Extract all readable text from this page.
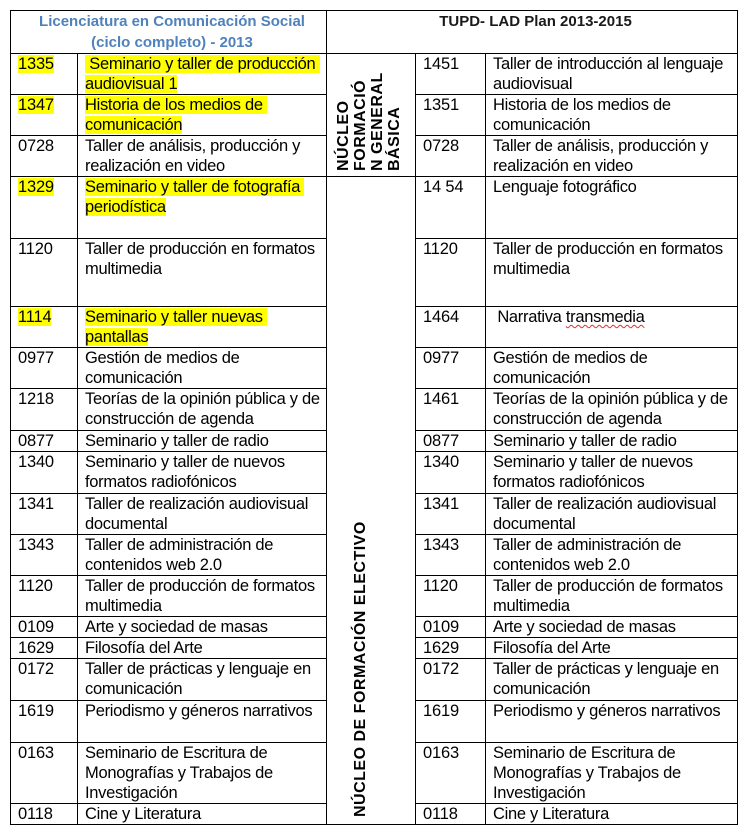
Licenciatura en Comunicación Social (ciclo completo) - 2013		TUPD- LAD Plan 2013-2015		
1335	Seminario y taller de producción audiovisual 1	NÚCLEO FORMACIÓ N GENERAL BÁSICA	1451	Taller de introducción al lenguaje audiovisual
1347	Historia de los medios de comunicación		1351	Historia de los medios de comunicación
0728	Taller de análisis, producción y realización en video		0728	Taller de análisis, producción y realización en video
1329	Seminario y taller de fotografía periodística	NÚCLEO DE FORMACIÓN ELECTIVO	14 54	Lenguaje fotográfico
1120	Taller de producción en formatos multimedia		1120	Taller de producción en formatos multimedia
1114	Seminario y taller nuevas pantallas		1464	Narrativa transmedia
0977	Gestión de medios de comunicación		0977	Gestión de medios de comunicación
1218	Teorías de la opinión pública y de construcción de agenda		1461	Teorías de la opinión pública y de construcción de agenda
0877	Seminario y taller de radio		0877	Seminario y taller de radio
1340	Seminario y taller de nuevos formatos radiofónicos		1340	Seminario y taller de nuevos formatos radiofónicos
1341	Taller de realización audiovisual documental		1341	Taller de realización audiovisual documental
1343	Taller de administración de contenidos web 2.0		1343	Taller de administración de contenidos web 2.0
1120	Taller de producción de formatos multimedia		1120	Taller de producción de formatos multimedia
0109	Arte y sociedad de masas		0109	Arte y sociedad de masas
1629	Filosofía del Arte		1629	Filosofía del Arte
0172	Taller de prácticas y lenguaje en comunicación		0172	Taller de prácticas y lenguaje en comunicación
1619	Periodismo y géneros narrativos		1619	Periodismo y géneros narrativos
0163	Seminario de Escritura de Monografías y Trabajos de Investigación		0163	Seminario de Escritura de Monografías y Trabajos de Investigación
0118	Cine y Literatura		0118	Cine y Literatura
